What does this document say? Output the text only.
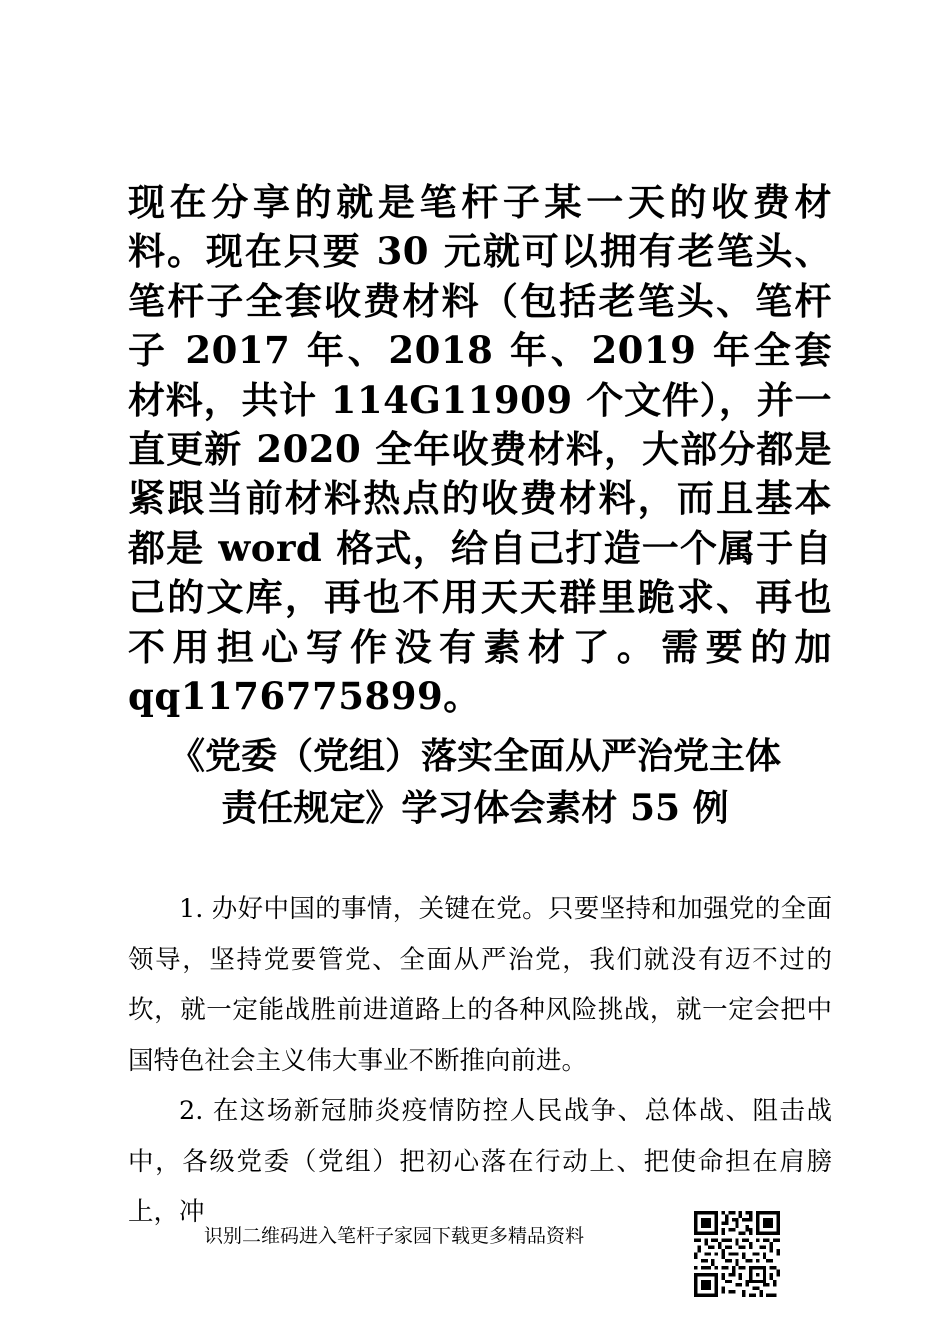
现在分享的就是笔杆子某一天的收费材料。现在只要 30 元就可以拥有老笔头、笔杆子全套收费材料（包括老笔头、笔杆子 2017 年、2018 年、2019 年全套材料，共计 114G11909 个文件），并一直更新 2020 全年收费材料，大部分都是紧跟当前材料热点的收费材料，而且基本都是 word 格式，给自己打造一个属于自己的文库，再也不用天天群里跪求、再也不用担心写作没有素材了。需要的加 qq1176775899。

《党委（党组）落实全面从严治党主体
责任规定》学习体会素材 55 例

1. 办好中国的事情，关键在党。只要坚持和加强党的全面领导，坚持党要管党、全面从严治党，我们就没有迈不过的坎，就一定能战胜前进道路上的各种风险挑战，就一定会把中国特色社会主义伟大事业不断推向前进。

2. 在这场新冠肺炎疫情防控人民战争、总体战、阻击战中，各级党委（党组）把初心落在行动上、把使命担在肩膀上，冲

识别二维码进入笔杆子家园下载更多精品资料
